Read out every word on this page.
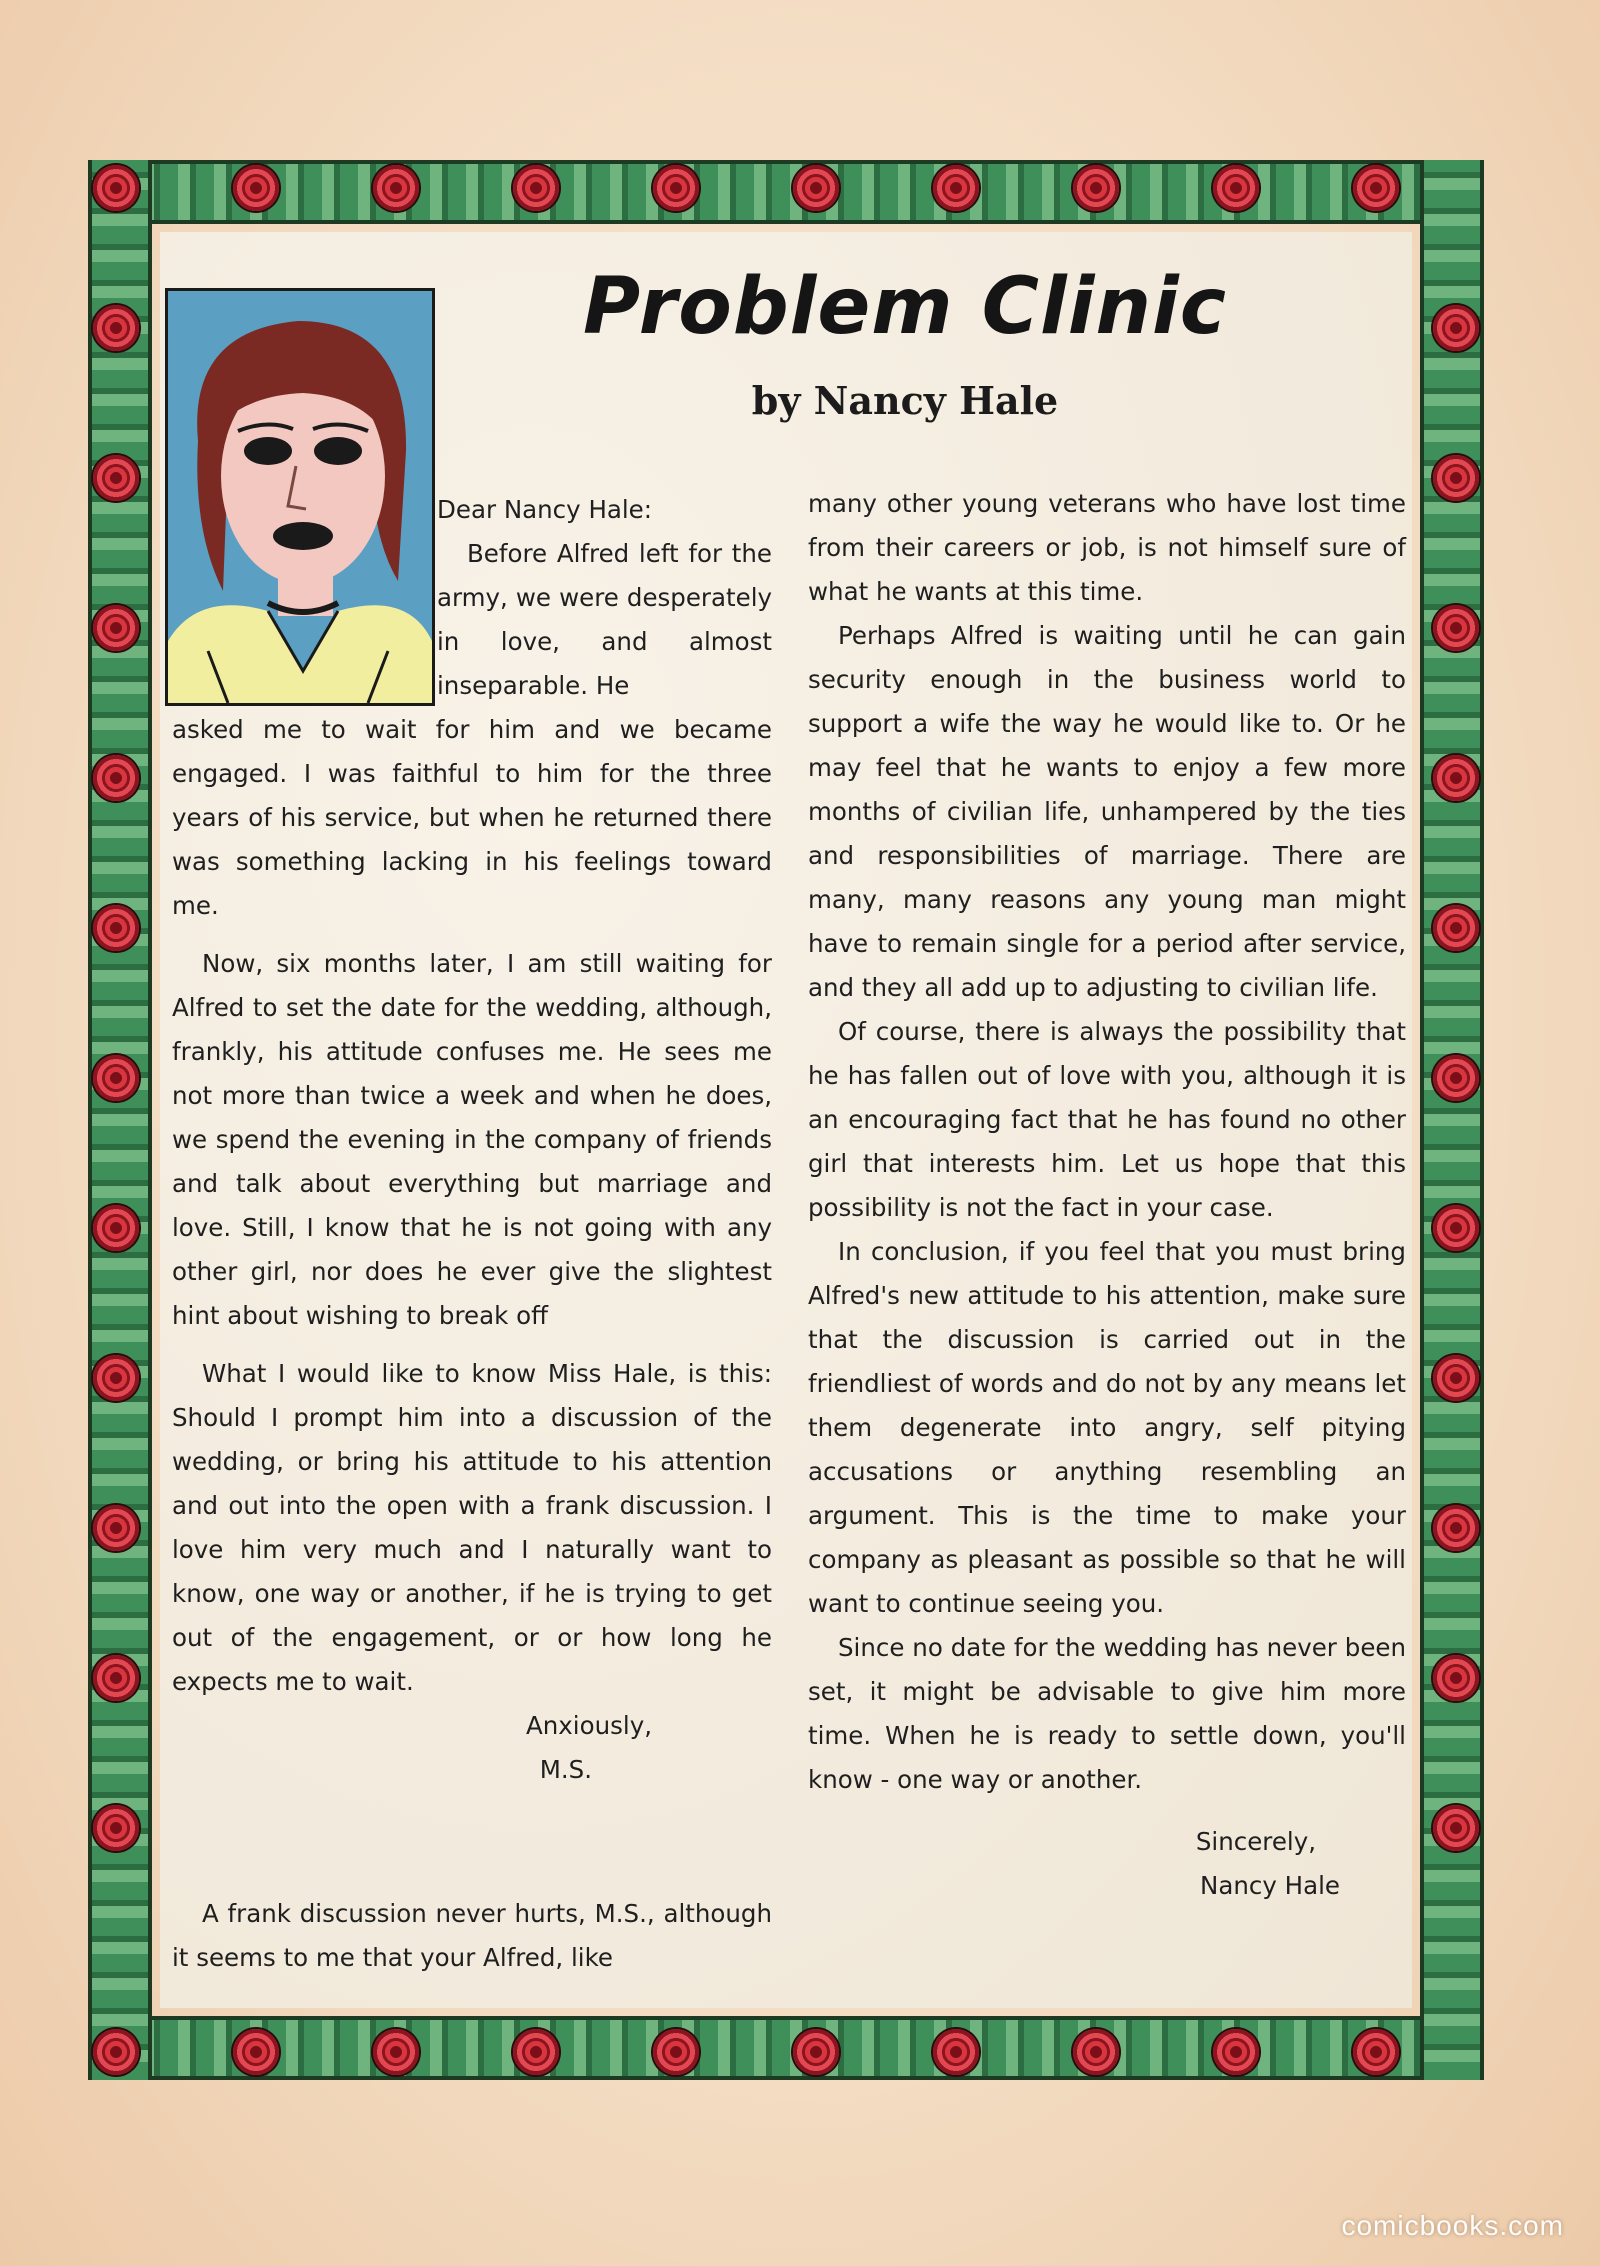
Problem Clinic
by Nancy Hale

Dear Nancy Hale:

Before Alfred left for the army, we were desperately in love, and almost inseparable. He

asked me to wait for him and we became engaged. I was faithful to him for the three years of his service, but when he returned there was something lacking in his feelings toward me.

Now, six months later, I am still waiting for Alfred to set the date for the wedding, although, frankly, his attitude confuses me. He sees me not more than twice a week and when he does, we spend the evening in the company of friends and talk about everything but marriage and love. Still, I know that he is not going with any other girl, nor does he ever give the slightest hint about wishing to break off

What I would like to know Miss Hale, is this: Should I prompt him into a discussion of the wedding, or bring his attitude to his attention and out into the open with a frank discussion. I love him very much and I naturally want to know, one way or another, if he is trying to get out of the engagement, or or how long he expects me to wait.

Anxiously,

M.S.

A frank discussion never hurts, M.S., although it seems to me that your Alfred, like

many other young veterans who have lost time from their careers or job, is not himself sure of what he wants at this time.

Perhaps Alfred is waiting until he can gain security enough in the business world to support a wife the way he would like to. Or he may feel that he wants to enjoy a few more months of civilian life, unhampered by the ties and responsibilities of marriage. There are many, many reasons any young man might have to remain single for a period after service, and they all add up to adjusting to civilian life.

Of course, there is always the possibility that he has fallen out of love with you, although it is an encouraging fact that he has found no other girl that interests him. Let us hope that this possibility is not the fact in your case.

In conclusion, if you feel that you must bring Alfred's new attitude to his attention, make sure that the discussion is carried out in the friendliest of words and do not by any means let them degenerate into angry, self pitying accusations or anything resembling an argument. This is the time to make your company as pleasant as possible so that he will want to continue seeing you.

Since no date for the wedding has never been set, it might be advisable to give him more time. When he is ready to settle down, you'll know - one way or another.

Sincerely,

Nancy Hale

comicbooks.com
